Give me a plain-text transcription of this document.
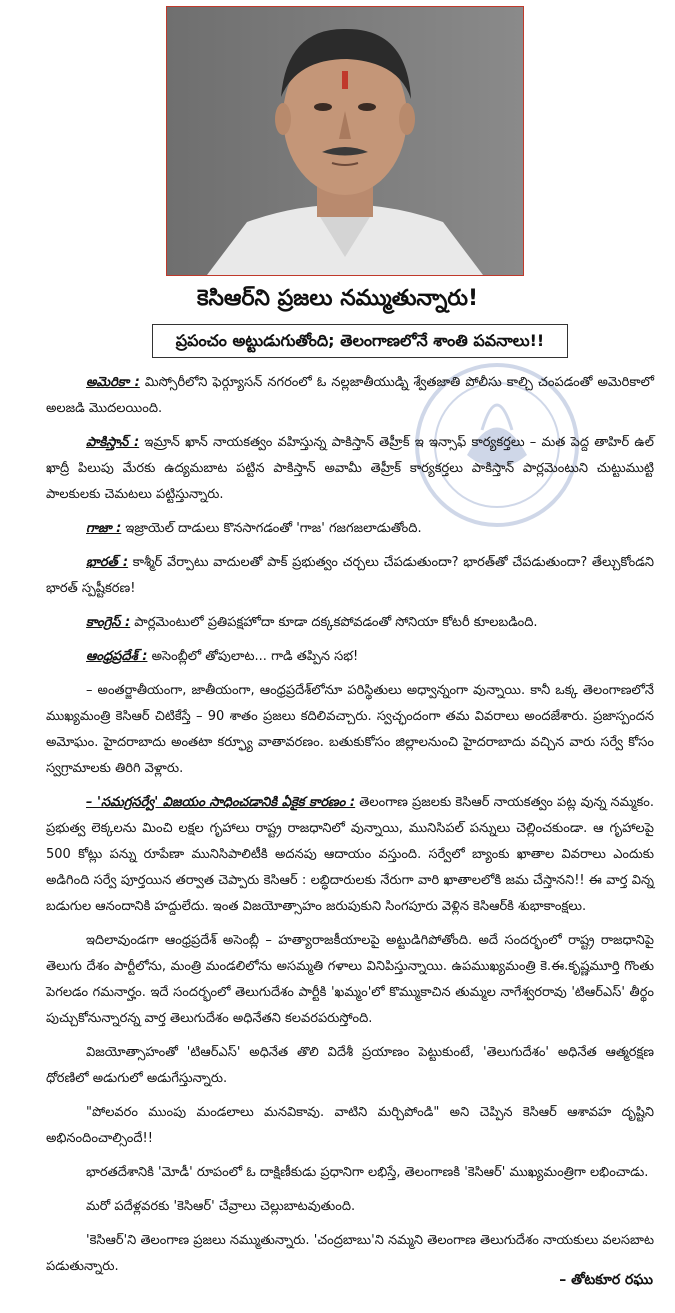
కెసిఆర్‌ని ప్రజలు నమ్ముతున్నారు!
ప్రపంచం అట్టుడుగుతోంది; తెలంగాణలోనే శాంతి పవనాలు!!

అమెరికా : మిస్సోరీలోని ఫెర్గ్యూసన్ నగరంలో ఓ నల్లజాతీయుడ్ని శ్వేతజాతి పోలీసు కాల్చి చంపడంతో అమెరికాలో అలజడి మొదలయింది.

పాకిస్తాన్ : ఇమ్రాన్ ఖాన్ నాయకత్వం వహిస్తున్న పాకిస్తాన్ తెహ్రీక్ ఇ ఇన్సాఫ్ కార్యకర్తలు – మత పెద్ద తాహిర్ ఉల్ ఖాద్రీ పిలుపు మేరకు ఉద్యమబాట పట్టిన పాకిస్తాన్ అవామీ తెహ్రీక్ కార్యకర్తలు పాకిస్తాన్ పార్లమెంటుని చుట్టుముట్టి పాలకులకు చెమటలు పట్టిస్తున్నారు.

గాజా : ఇజ్రాయెల్ దాడులు కొనసాగడంతో 'గాజ' గజగజలాడుతోంది.

భారత్ : కాశ్మీర్ వేర్పాటు వాదులతో పాక్ ప్రభుత్వం చర్చలు చేపడుతుందా? భారత్‌తో చేపడుతుందా? తేల్చుకోండని భారత్ స్పష్టీకరణ!

కాంగ్రెస్ : పార్లమెంటులో ప్రతిపక్షహోదా కూడా దక్కకపోవడంతో సోనియా కోటరీ కూలబడింది.

ఆంధ్రప్రదేశ్ : అసెంబ్లీలో తోపులాట... గాడి తప్పిన సభ!

– అంతర్జాతీయంగా, జాతీయంగా, ఆంధ్రప్రదేశ్‌లోనూ పరిస్థితులు అధ్వాన్నంగా వున్నాయి. కానీ ఒక్క తెలంగాణలోనే ముఖ్యమంత్రి కెసిఆర్ చిటికేస్తే – 90 శాతం ప్రజలు కదిలివచ్చారు. స్వచ్ఛందంగా తమ వివరాలు అందజేశారు. ప్రజాస్పందన అమోఘం. హైదరాబాదు అంతటా కర్ఫ్యూ వాతావరణం. బతుకుకోసం జిల్లాలనుంచి హైదరాబాదు వచ్చిన వారు సర్వే కోసం స్వగ్రామాలకు తిరిగి వెళ్లారు.

– 'సమగ్రసర్వే' విజయం సాధించడానికి ఏకైక కారణం : తెలంగాణ ప్రజలకు కెసిఆర్ నాయకత్వం పట్ల వున్న నమ్మకం. ప్రభుత్వ లెక్కలను మించి లక్షల గృహాలు రాష్ట్ర రాజధానిలో వున్నాయి, మునిసిపల్ పన్నులు చెల్లించకుండా. ఆ గృహాలపై 500 కోట్లు పన్ను రూపేణా మునిసిపాలిటీకి అదనపు ఆదాయం వస్తుంది. సర్వేలో బ్యాంకు ఖాతాల వివరాలు ఎందుకు అడిగింది సర్వే పూర్తయిన తర్వాత చెప్పారు కెసిఆర్ : లబ్ధిదారులకు నేరుగా వారి ఖాతాలలోకి జమ చేస్తానని!! ఈ వార్త విన్న బడుగుల ఆనందానికి హద్దులేదు. ఇంత విజయోత్సాహం జరుపుకుని సింగపూరు వెళ్లిన కెసిఆర్‌కి శుభాకాంక్షలు.

ఇదిలావుండగా ఆంధ్రప్రదేశ్ అసెంబ్లీ – హత్యారాజకీయాలపై అట్టుడిగిపోతోంది. అదే సందర్భంలో రాష్ట్ర రాజధానిపై తెలుగు దేశం పార్టీలోను, మంత్రి మండలిలోను అసమ్మతి గళాలు వినిపిస్తున్నాయి. ఉపముఖ్యమంత్రి కె.ఈ.కృష్ణమూర్తి గొంతు పెగలడం గమనార్హం. ఇదే సందర్భంలో తెలుగుదేశం పార్టీకి 'ఖమ్మం'లో కొమ్ముకాచిన తుమ్మల నాగేశ్వరరావు 'టిఆర్ఎస్' తీర్థం పుచ్చుకోనున్నారన్న వార్త తెలుగుదేశం అధినేతని కలవరపరుస్తోంది.

విజయోత్సాహంతో 'టిఆర్ఎస్' అధినేత తొలి విదేశీ ప్రయాణం పెట్టుకుంటే, 'తెలుగుదేశం' అధినేత ఆత్మరక్షణ ధోరణిలో అడుగులో అడుగేస్తున్నారు.

"పోలవరం ముంపు మండలాలు మనవికావు. వాటిని మర్చిపోండి" అని చెప్పిన కెసిఆర్ ఆశావహ దృష్టిని అభినందించాల్సిందే!!

భారతదేశానికి 'మోడీ' రూపంలో ఓ దాక్షిణీకుడు ప్రధానిగా లభిస్తే, తెలంగాణకి 'కెసిఆర్' ముఖ్యమంత్రిగా లభించాడు.

మరో పదేళ్లవరకు 'కెసిఆర్' చేవ్రాలు చెల్లుబాటవుతుంది.

'కెసిఆర్'ని తెలంగాణ ప్రజలు నమ్ముతున్నారు. 'చంద్రబాబు'ని నమ్మని తెలంగాణ తెలుగుదేశం నాయకులు వలసబాట పడుతున్నారు.

– తోటకూర రఘు
